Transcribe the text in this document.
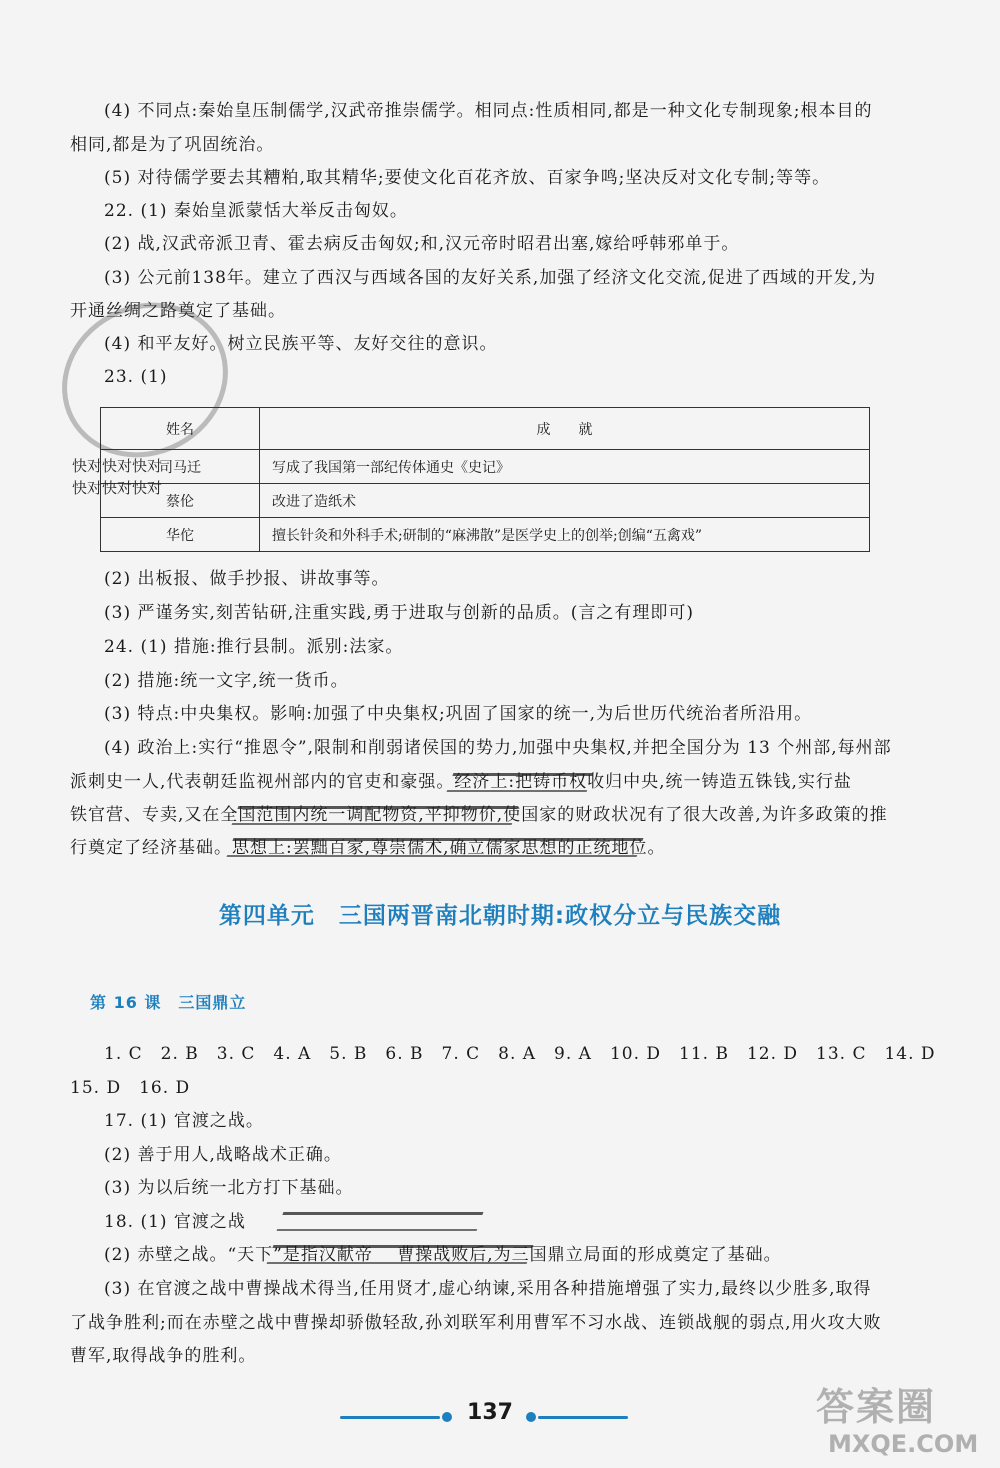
(4) 不同点:秦始皇压制儒学,汉武帝推崇儒学。相同点:性质相同,都是一种文化专制现象;根本目的
相同,都是为了巩固统治。
(5) 对待儒学要去其糟粕,取其精华;要使文化百花齐放、百家争鸣;坚决反对文化专制;等等。
22. (1) 秦始皇派蒙恬大举反击匈奴。
(2) 战,汉武帝派卫青、霍去病反击匈奴;和,汉元帝时昭君出塞,嫁给呼韩邪单于。
(3) 公元前138年。建立了西汉与西域各国的友好关系,加强了经济文化交流,促进了西域的开发,为
开通丝绸之路奠定了基础。
(4) 和平友好。树立民族平等、友好交往的意识。
23. (1)
姓名	成　　就
司马迁	写成了我国第一部纪传体通史《史记》
蔡伦	改进了造纸术
华佗	擅长针灸和外科手术;研制的“麻沸散”是医学史上的创举;创编“五禽戏”
快对快对快对
快对快对快对
(2) 出板报、做手抄报、讲故事等。
(3) 严谨务实,刻苦钻研,注重实践,勇于进取与创新的品质。(言之有理即可)
24. (1) 措施:推行县制。派别:法家。
(2) 措施:统一文字,统一货币。
(3) 特点:中央集权。影响:加强了中央集权;巩固了国家的统一,为后世历代统治者所沿用。
(4) 政治上:实行“推恩令”,限制和削弱诸侯国的势力,加强中央集权,并把全国分为 13 个州部,每州部
派刺史一人,代表朝廷监视州部内的官吏和豪强。经济上:把铸币权收归中央,统一铸造五铢钱,实行盐
铁官营、专卖,又在全国范围内统一调配物资,平抑物价,使国家的财政状况有了很大改善,为许多政策的推
行奠定了经济基础。思想上:罢黜百家,尊崇儒术,确立儒家思想的正统地位。
第四单元　三国两晋南北朝时期:政权分立与民族交融
第 16 课　三国鼎立
1. C　2. B　3. C　4. A　5. B　6. B　7. C　8. A　9. A　10. D　11. B　12. D　13. C　14. D
15. D　16. D
17. (1) 官渡之战。
(2) 善于用人,战略战术正确。
(3) 为以后统一北方打下基础。
18. (1) 官渡之战
(2) 赤壁之战。“天下”是指汉献帝 　曹操战败后,为三国鼎立局面的形成奠定了基础。
(3) 在官渡之战中曹操战术得当,任用贤才,虚心纳谏,采用各种措施增强了实力,最终以少胜多,取得
了战争胜利;而在赤壁之战中曹操却骄傲轻敌,孙刘联军利用曹军不习水战、连锁战舰的弱点,用火攻大败
曹军,取得战争的胜利。
137	答案圈
MXQE.COM
